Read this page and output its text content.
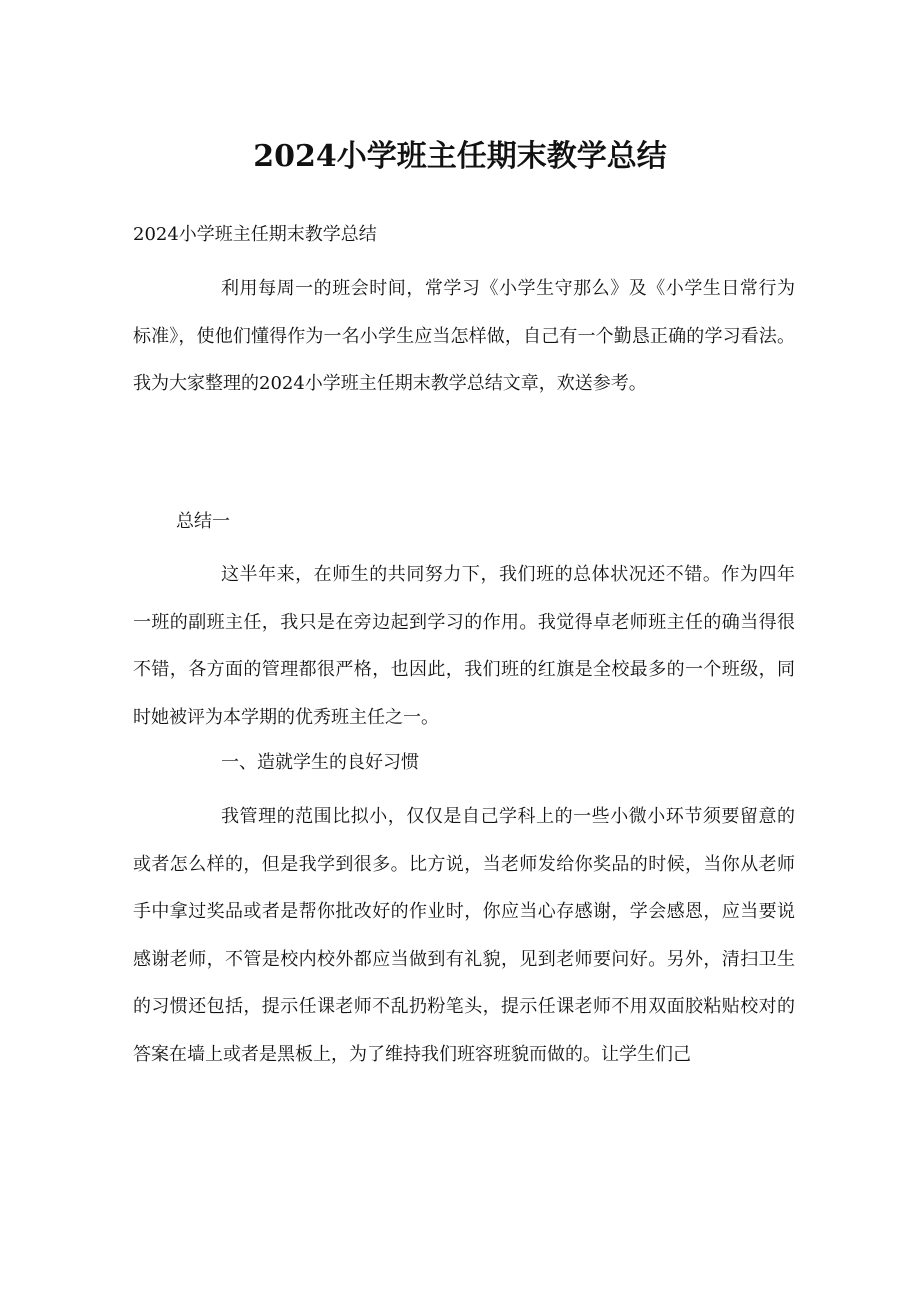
2024小学班主任期末教学总结
2024小学班主任期末教学总结

利用每周一的班会时间，常学习《小学生守那么》及《小学生日常行为标准》，使他们懂得作为一名小学生应当怎样做，自己有一个勤恳正确的学习看法。我为大家整理的2024小学班主任期末教学总结文章，欢送参考。

总结一

这半年来，在师生的共同努力下，我们班的总体状况还不错。作为四年一班的副班主任，我只是在旁边起到学习的作用。我觉得卓老师班主任的确当得很不错，各方面的管理都很严格，也因此，我们班的红旗是全校最多的一个班级，同时她被评为本学期的优秀班主任之一。

一、造就学生的良好习惯

我管理的范围比拟小，仅仅是自己学科上的一些小微小环节须要留意的或者怎么样的，但是我学到很多。比方说，当老师发给你奖品的时候，当你从老师手中拿过奖品或者是帮你批改好的作业时，你应当心存感谢，学会感恩，应当要说感谢老师，不管是校内校外都应当做到有礼貌，见到老师要问好。另外，清扫卫生的习惯还包括，提示任课老师不乱扔粉笔头，提示任课老师不用双面胶粘贴校对的答案在墙上或者是黑板上，为了维持我们班容班貌而做的。让学生们己
